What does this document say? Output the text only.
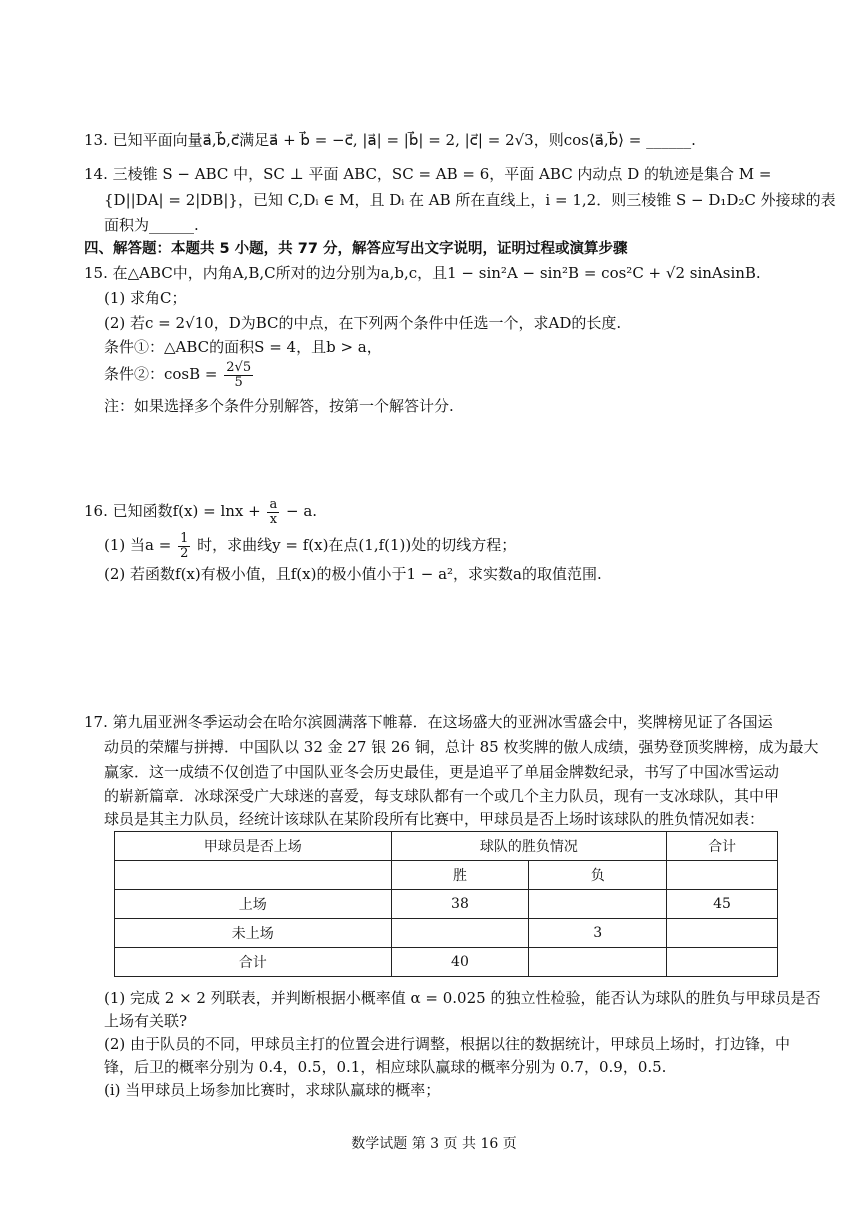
13. 已知平面向量a⃗,b⃗,c⃗满足a⃗ + b⃗ = −c⃗, |a⃗| = |b⃗| = 2, |c⃗| = 2√3，则cos⟨a⃗,b⃗⟩ = ______.
14. 三棱锥 S − ABC 中，SC ⊥ 平面 ABC，SC = AB = 6，平面 ABC 内动点 D 的轨迹是集合 M =
{D||DA| = 2|DB|}，已知 C,Dᵢ ∈ M，且 Dᵢ 在 AB 所在直线上，i = 1,2．则三棱锥 S − D₁D₂C 外接球的表
面积为______.
四、解答题：本题共 5 小题，共 77 分，解答应写出文字说明，证明过程或演算步骤
15. 在△ABC中，内角A,B,C所对的边分别为a,b,c，且1 − sin²A − sin²B = cos²C + √2 sinAsinB.
(1) 求角C；
(2) 若c = 2√10，D为BC的中点，在下列两个条件中任选一个，求AD的长度.
条件①：△ABC的面积S = 4，且b > a，
条件②：$\cos B = \frac{2√5}{5}$
注：如果选择多个条件分别解答，按第一个解答计分.
16. 已知函数$f(x) = \ln x + \frac{a}{x} - a$.
(1) 当$a = \frac{1}{2}$ 时，求曲线y = f(x)在点(1,f(1))处的切线方程；
(2) 若函数f(x)有极小值，且f(x)的极小值小于1 − a²，求实数a的取值范围.
17. 第九届亚洲冬季运动会在哈尔滨圆满落下帷幕．在这场盛大的亚洲冰雪盛会中，奖牌榜见证了各国运
动员的荣耀与拼搏．中国队以 32 金 27 银 26 铜，总计 85 枚奖牌的傲人成绩，强势登顶奖牌榜，成为最大
赢家．这一成绩不仅创造了中国队亚冬会历史最佳，更是追平了单届金牌数纪录，书写了中国冰雪运动
的崭新篇章．冰球深受广大球迷的喜爱，每支球队都有一个或几个主力队员，现有一支冰球队，其中甲
球员是其主力队员，经统计该球队在某阶段所有比赛中，甲球员是否上场时该球队的胜负情况如表：
甲球员是否上场	球队的胜负情况		合计
	胜	负	
上场	38		45
未上场		3	
合计	40		
(1) 完成 2 × 2 列联表，并判断根据小概率值 α = 0.025 的独立性检验，能否认为球队的胜负与甲球员是否
上场有关联?
(2) 由于队员的不同，甲球员主打的位置会进行调整，根据以往的数据统计，甲球员上场时，打边锋，中
锋，后卫的概率分别为 0.4，0.5，0.1，相应球队赢球的概率分别为 0.7，0.9，0.5.
(i) 当甲球员上场参加比赛时，求球队赢球的概率；
数学试题 第 3 页 共 16 页
